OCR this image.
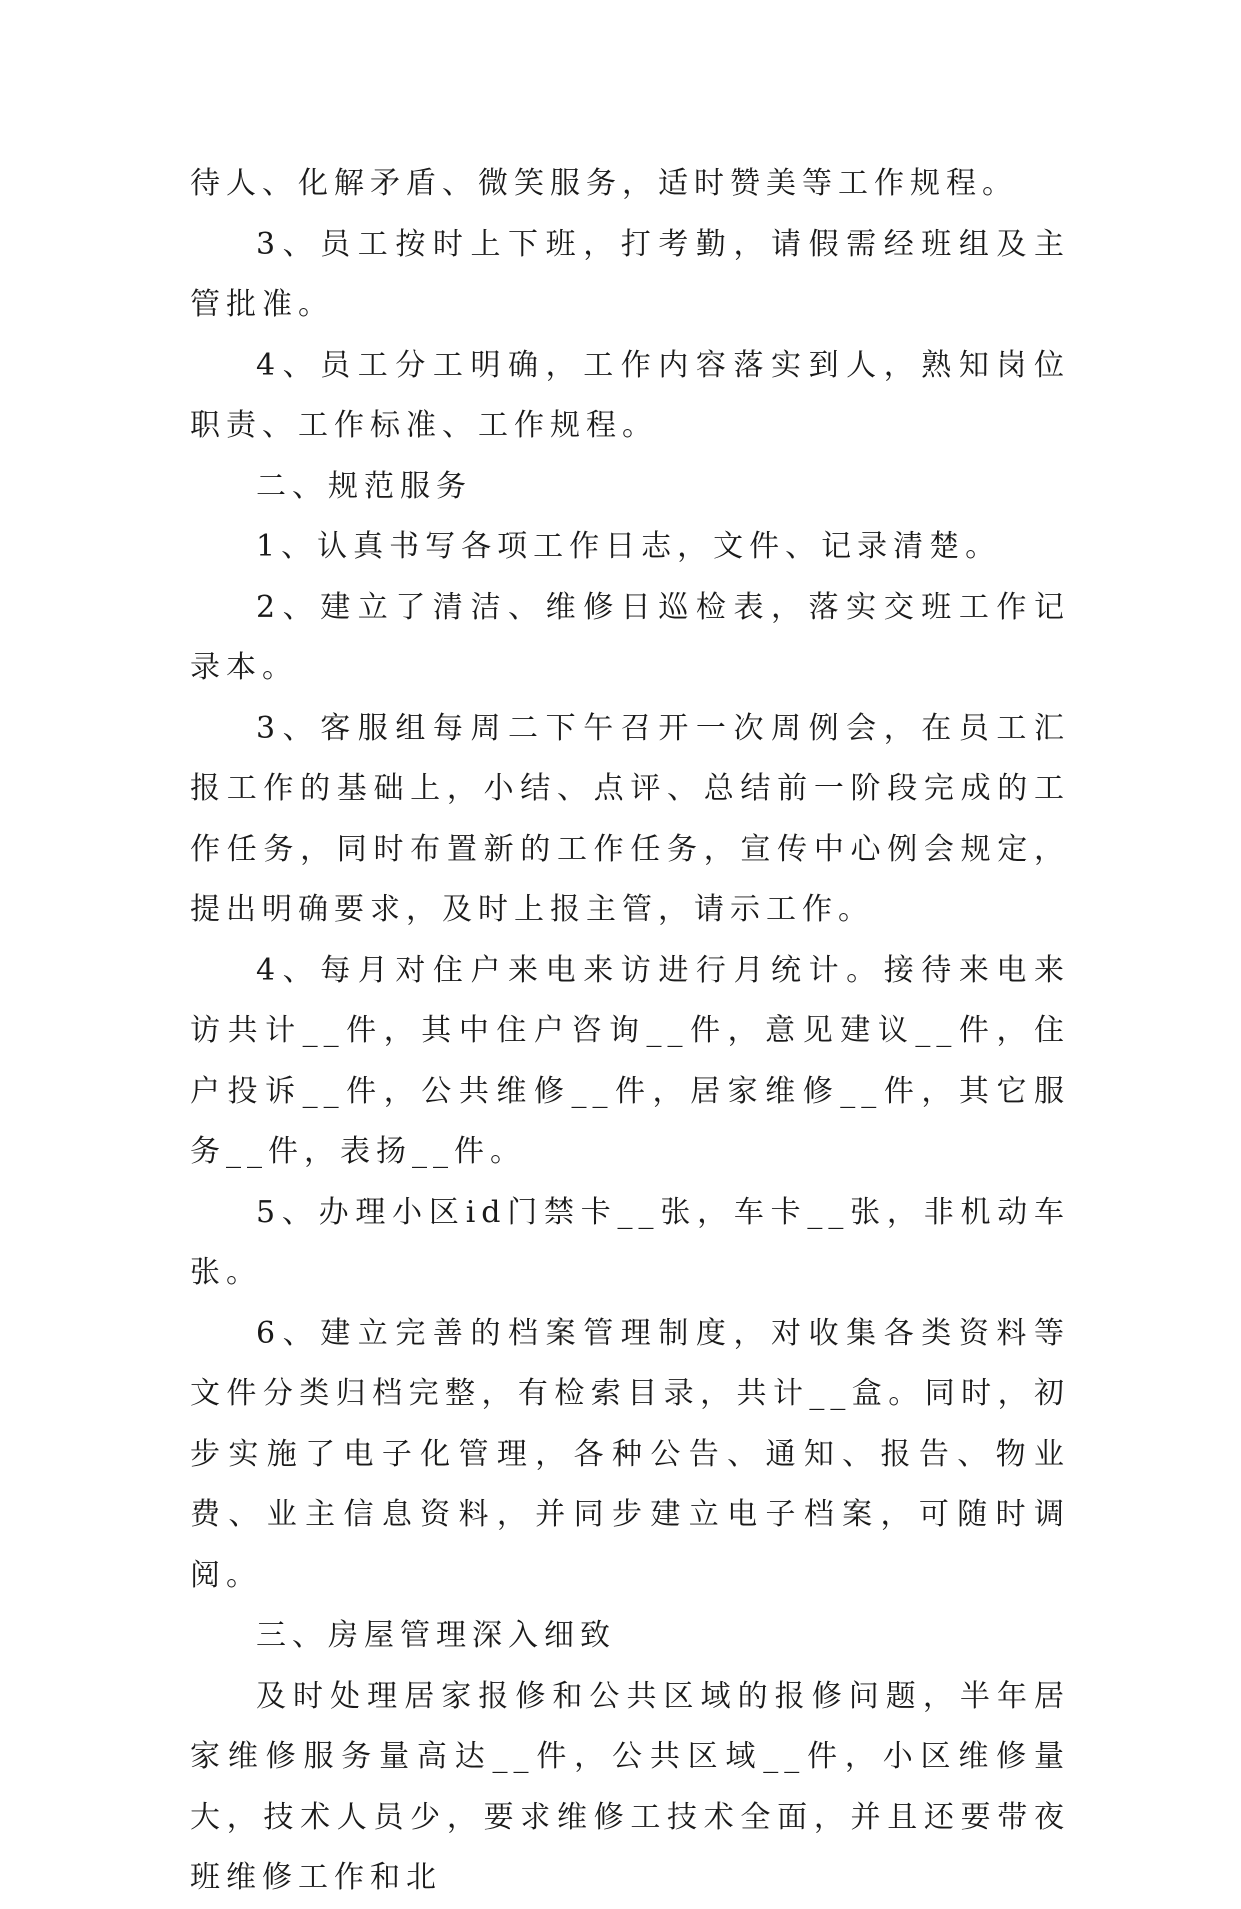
待人、化解矛盾、微笑服务，适时赞美等工作规程。

3、员工按时上下班，打考勤，请假需经班组及主管批准。

4、员工分工明确，工作内容落实到人，熟知岗位职责、工作标准、工作规程。

二、规范服务

1、认真书写各项工作日志，文件、记录清楚。

2、建立了清洁、维修日巡检表，落实交班工作记录本。

3、客服组每周二下午召开一次周例会，在员工汇报工作的基础上，小结、点评、总结前一阶段完成的工作任务，同时布置新的工作任务，宣传中心例会规定，提出明确要求，及时上报主管，请示工作。

4、每月对住户来电来访进行月统计。接待来电来访共计__件，其中住户咨询__件，意见建议__件，住户投诉__件，公共维修__件，居家维修__件，其它服务__件，表扬__件。

5、办理小区id门禁卡__张，车卡__张，非机动车张。

6、建立完善的档案管理制度，对收集各类资料等文件分类归档完整，有检索目录，共计__盒。同时，初步实施了电子化管理，各种公告、通知、报告、物业费、业主信息资料，并同步建立电子档案，可随时调阅。

三、房屋管理深入细致

及时处理居家报修和公共区域的报修问题，半年居家维修服务量高达__件，公共区域__件，小区维修量大，技术人员少，要求维修工技术全面，并且还要带夜班维修工作和北
